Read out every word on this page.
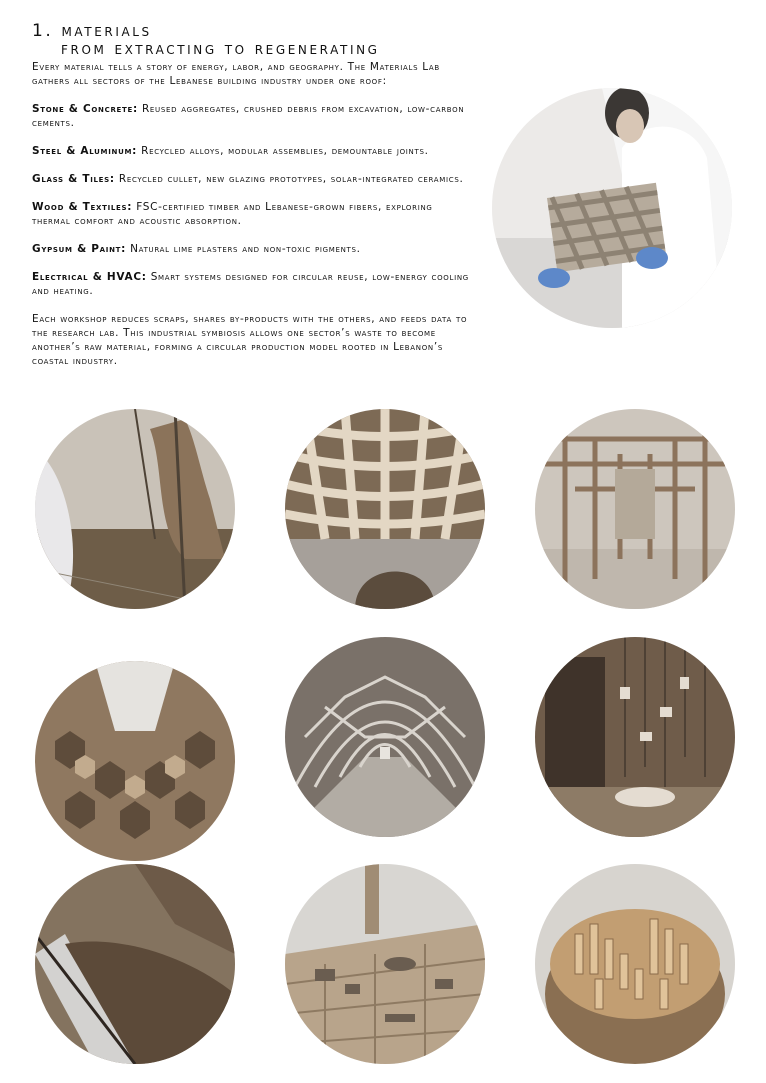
1. materials
from extracting to regenerating

Every material tells a story of energy, labor, and geography. The Materials Lab gathers all sectors of the Lebanese building industry under one roof:

Stone & Concrete: Reused aggregates, crushed debris from excavation, low-carbon cements.

Steel & Aluminum: Recycled alloys, modular assemblies, demountable joints.

Glass & Tiles: Recycled cullet, new glazing prototypes, solar-integrated ceramics.

Wood & Textiles: FSC-certified timber and Lebanese-grown fibers, exploring thermal comfort and acoustic absorption.

Gypsum & Paint: Natural lime plasters and non-toxic pigments.

Electrical & HVAC: Smart systems designed for circular reuse, low-energy cooling and heating.

Each workshop reduces scraps, shares by-products with the others, and feeds data to the research lab. This industrial symbiosis allows one sector’s waste to become another’s raw material, forming a circular production model rooted in Lebanon’s coastal industry.
